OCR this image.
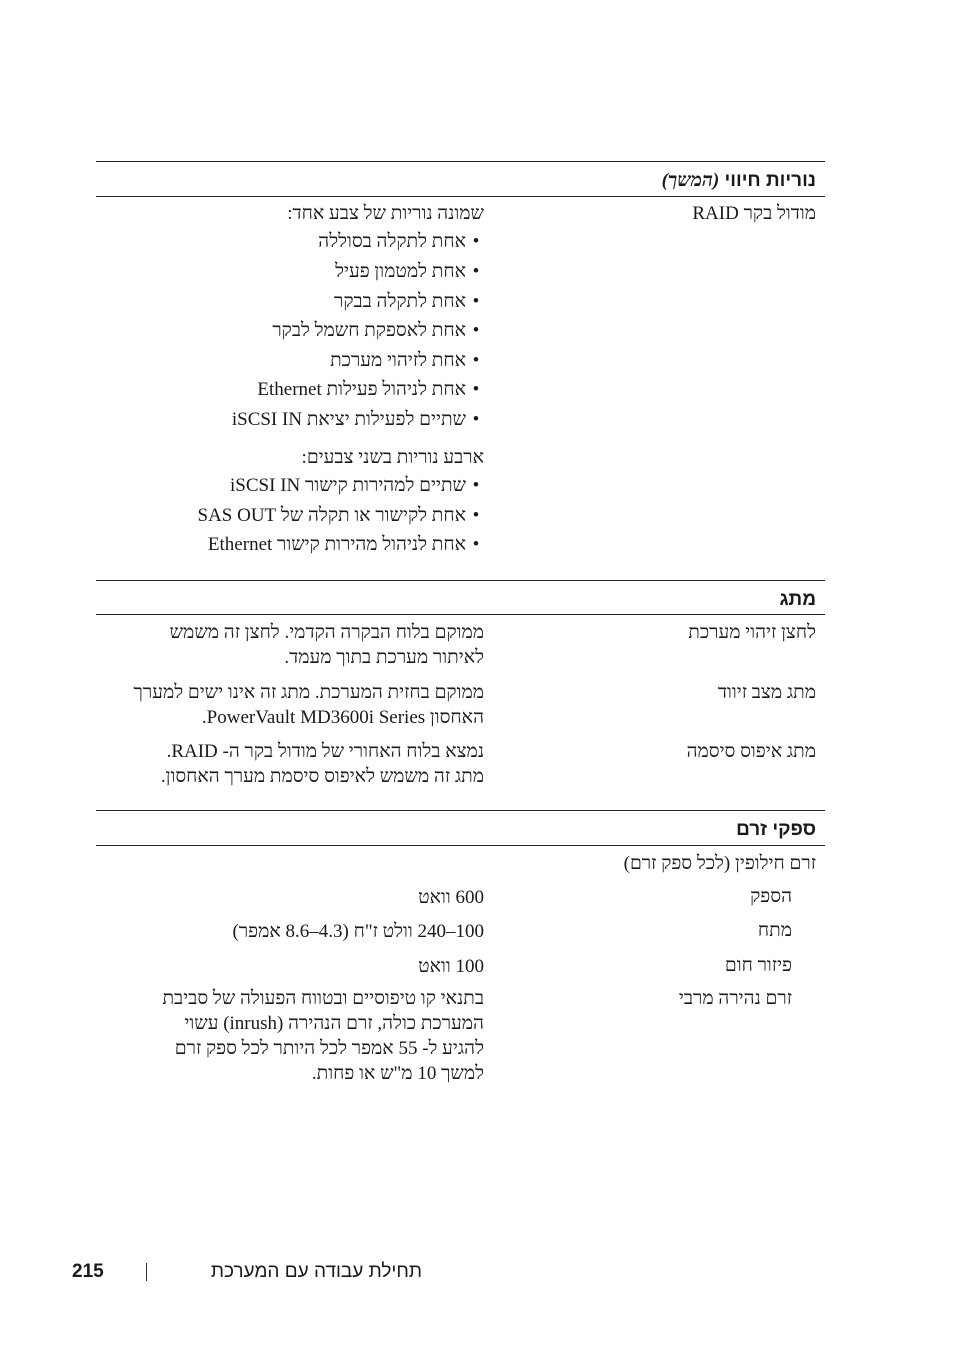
נוריות חיווי (המשך)
מודול בקר RAID
שמונה נוריות של צבע אחד:
•אחת לתקלה בסוללה
•אחת למטמון פעיל
•אחת לתקלה בבקר
•אחת לאספקת חשמל לבקר
•אחת לזיהוי מערכת
•אחת לניהול פעילות Ethernet
•שתיים לפעילות יציאת iSCSI IN
ארבע נוריות בשני צבעים:
•שתיים למהירות קישור iSCSI IN
•אחת לקישור או תקלה של SAS OUT
•אחת לניהול מהירות קישור Ethernet
מתג
לחצן זיהוי מערכת
ממוקם בלוח הבקרה הקדמי. לחצן זה משמש
לאיתור מערכת בתוך מעמד.
מתג מצב זיווד
ממוקם בחזית המערכת. מתג זה אינו ישים למערך
האחסון PowerVault MD3600i Series.
מתג איפוס סיסמה
נמצא בלוח האחורי של מודול בקר ה- RAID.
מתג זה משמש לאיפוס סיסמת מערך האחסון.
ספקי זרם
זרם חילופין (לכל ספק זרם)
הספק
600 וואט
מתח
100–240 וולט ז"ח (4.3–8.6 אמפר)
פיזור חום
100 וואט
זרם נהירה מרבי
בתנאי קו טיפוסיים ובטווח הפעולה של סביבת
המערכת כולה, זרם הנהירה (inrush) עשוי
להגיע ל- 55 אמפר לכל היותר לכל ספק זרם
למשך 10 מ"ש או פחות.
תחילת עבודה עם המערכת
215
